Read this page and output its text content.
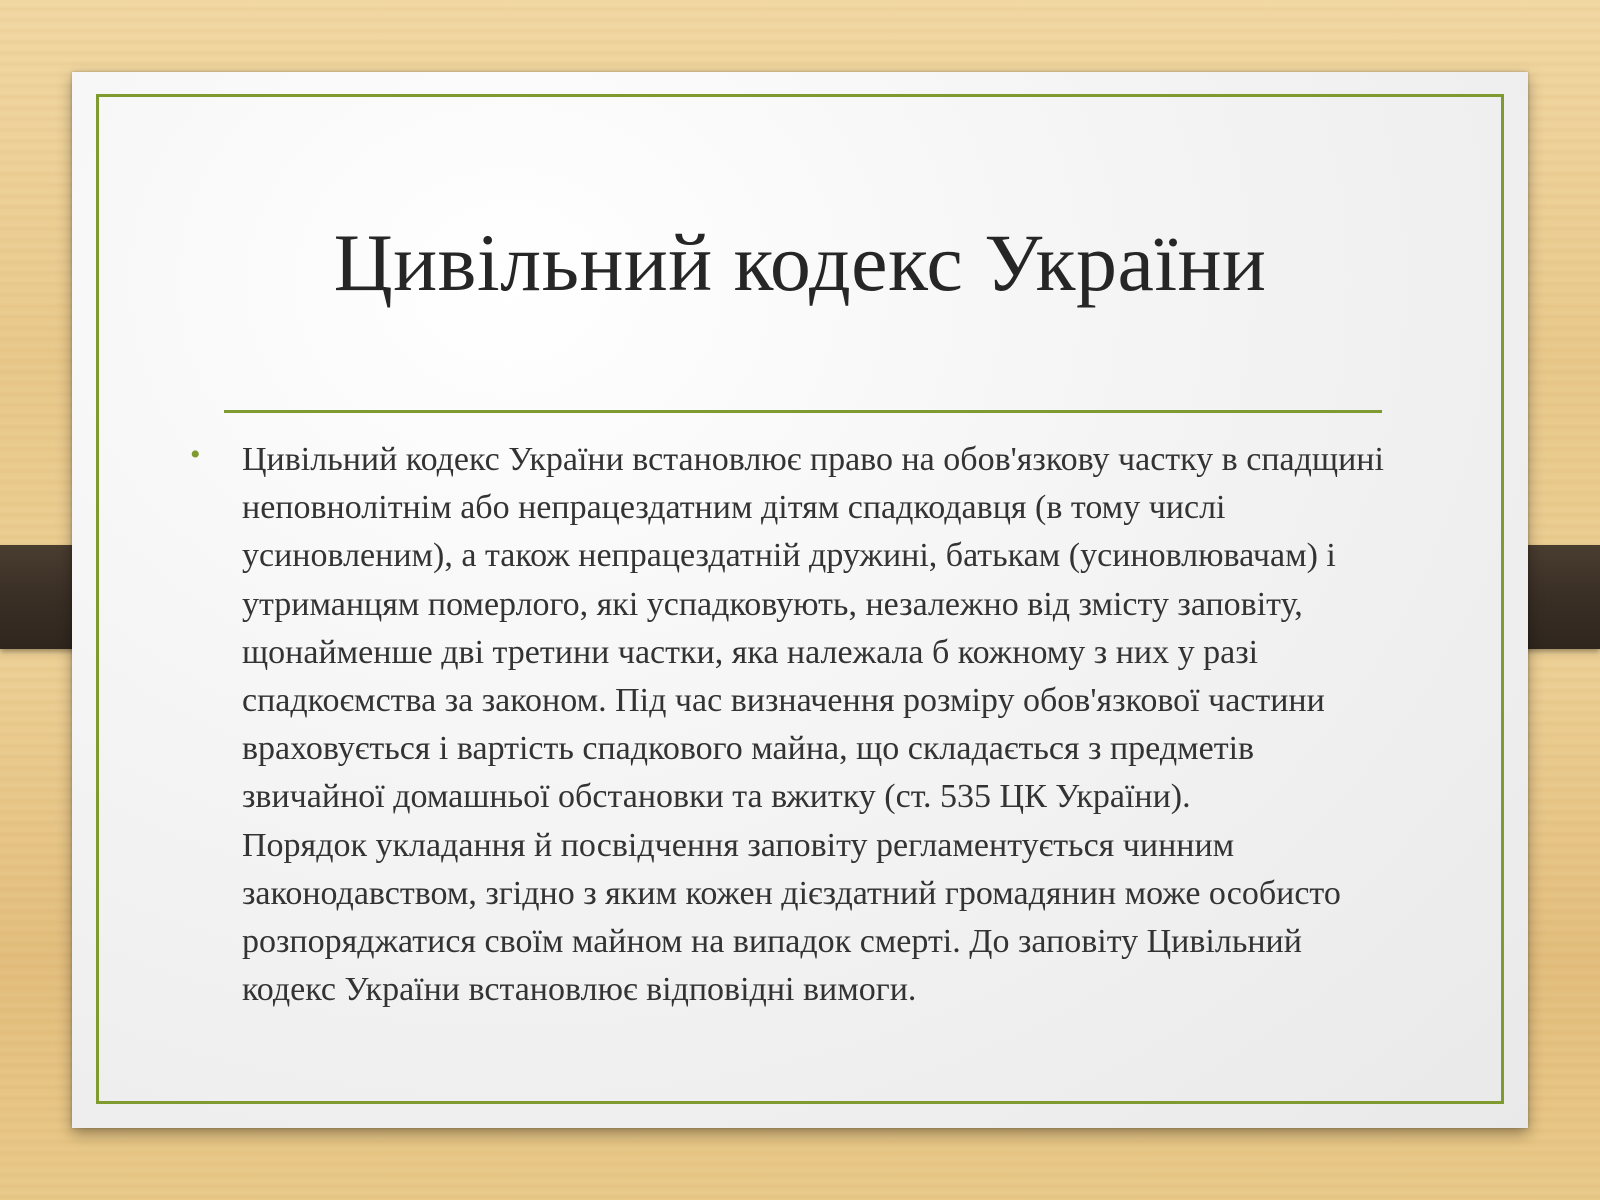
Цивільний кодекс України
• Цивільний кодекс України встановлює право на обов'язкову частку в спадщині неповнолітнім або непрацездатним дітям спадкодавця (в тому числі усиновленим), а також непрацездатній дружині, батькам (усиновлювачам) і утриманцям померлого, які успадковують, незалежно від змісту заповіту, щонайменше дві третини частки, яка належала б кожному з них у разі спадкоємства за законом. Під час визначення розміру обов'язкової частини враховується і вартість спадкового майна, що складається з предметів звичайної домашньої обстановки та вжитку (ст. 535 ЦК України).

Порядок укладання й посвідчення заповіту регламентується чинним законодавством, згідно з яким кожен дієздатний громадянин може особисто розпоряджатися своїм майном на випадок смерті. До заповіту Цивільний кодекс України встановлює відповідні вимоги.
